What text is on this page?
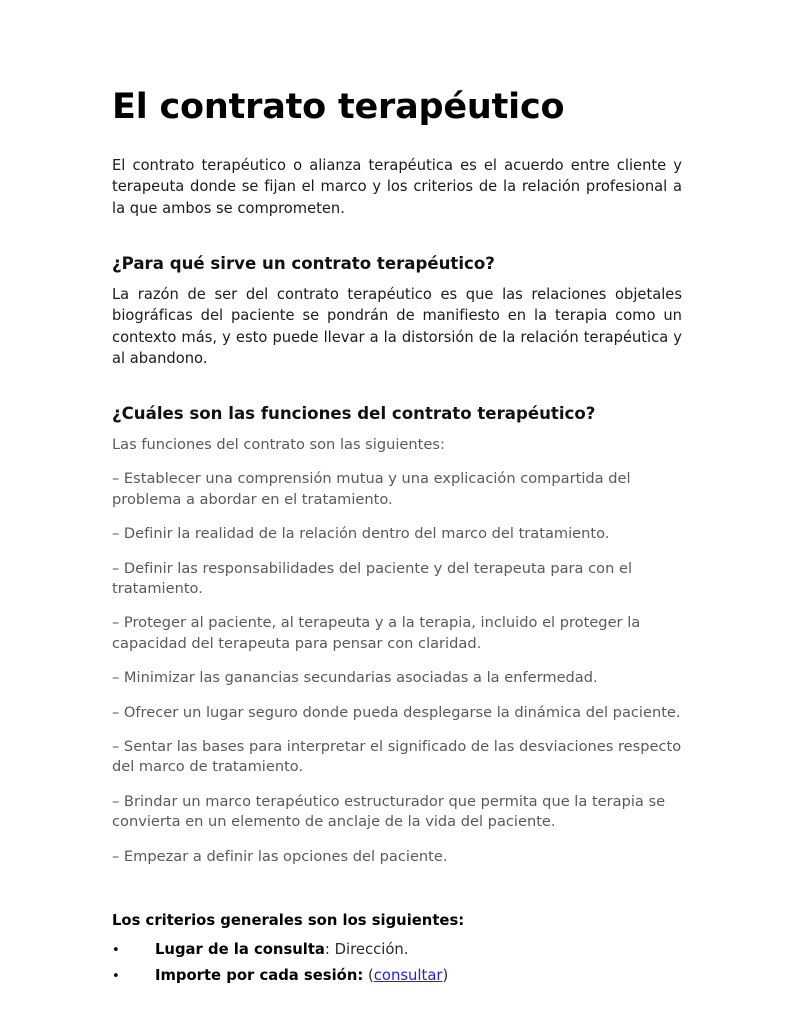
El contrato terapéutico

El contrato terapéutico o alianza terapéutica es el acuerdo entre cliente y terapeuta donde se fijan el marco y los criterios de la relación profesional a la que ambos se comprometen.

¿Para qué sirve un contrato terapéutico?

La razón de ser del contrato terapéutico es que las relaciones objetales biográficas del paciente se pondrán de manifiesto en la terapia como un contexto más, y esto puede llevar a la distorsión de la relación terapéutica y al abandono.

¿Cuáles son las funciones del contrato terapéutico?

Las funciones del contrato son las siguientes:

– Establecer una comprensión mutua y una explicación compartida del problema a abordar en el tratamiento.

– Definir la realidad de la relación dentro del marco del tratamiento.

– Definir las responsabilidades del paciente y del terapeuta para con el tratamiento.

– Proteger al paciente, al terapeuta y a la terapia, incluido el proteger la capacidad del terapeuta para pensar con claridad.

– Minimizar las ganancias secundarias asociadas a la enfermedad.

– Ofrecer un lugar seguro donde pueda desplegarse la dinámica del paciente.

– Sentar las bases para interpretar el significado de las desviaciones respecto del marco de tratamiento.

– Brindar un marco terapéutico estructurador que permita que la terapia se convierta en un elemento de anclaje de la vida del paciente.

– Empezar a definir las opciones del paciente.

Los criterios generales son los siguientes:
•	Lugar de la consulta: Dirección.
•	Importe por cada sesión: (consultar)
